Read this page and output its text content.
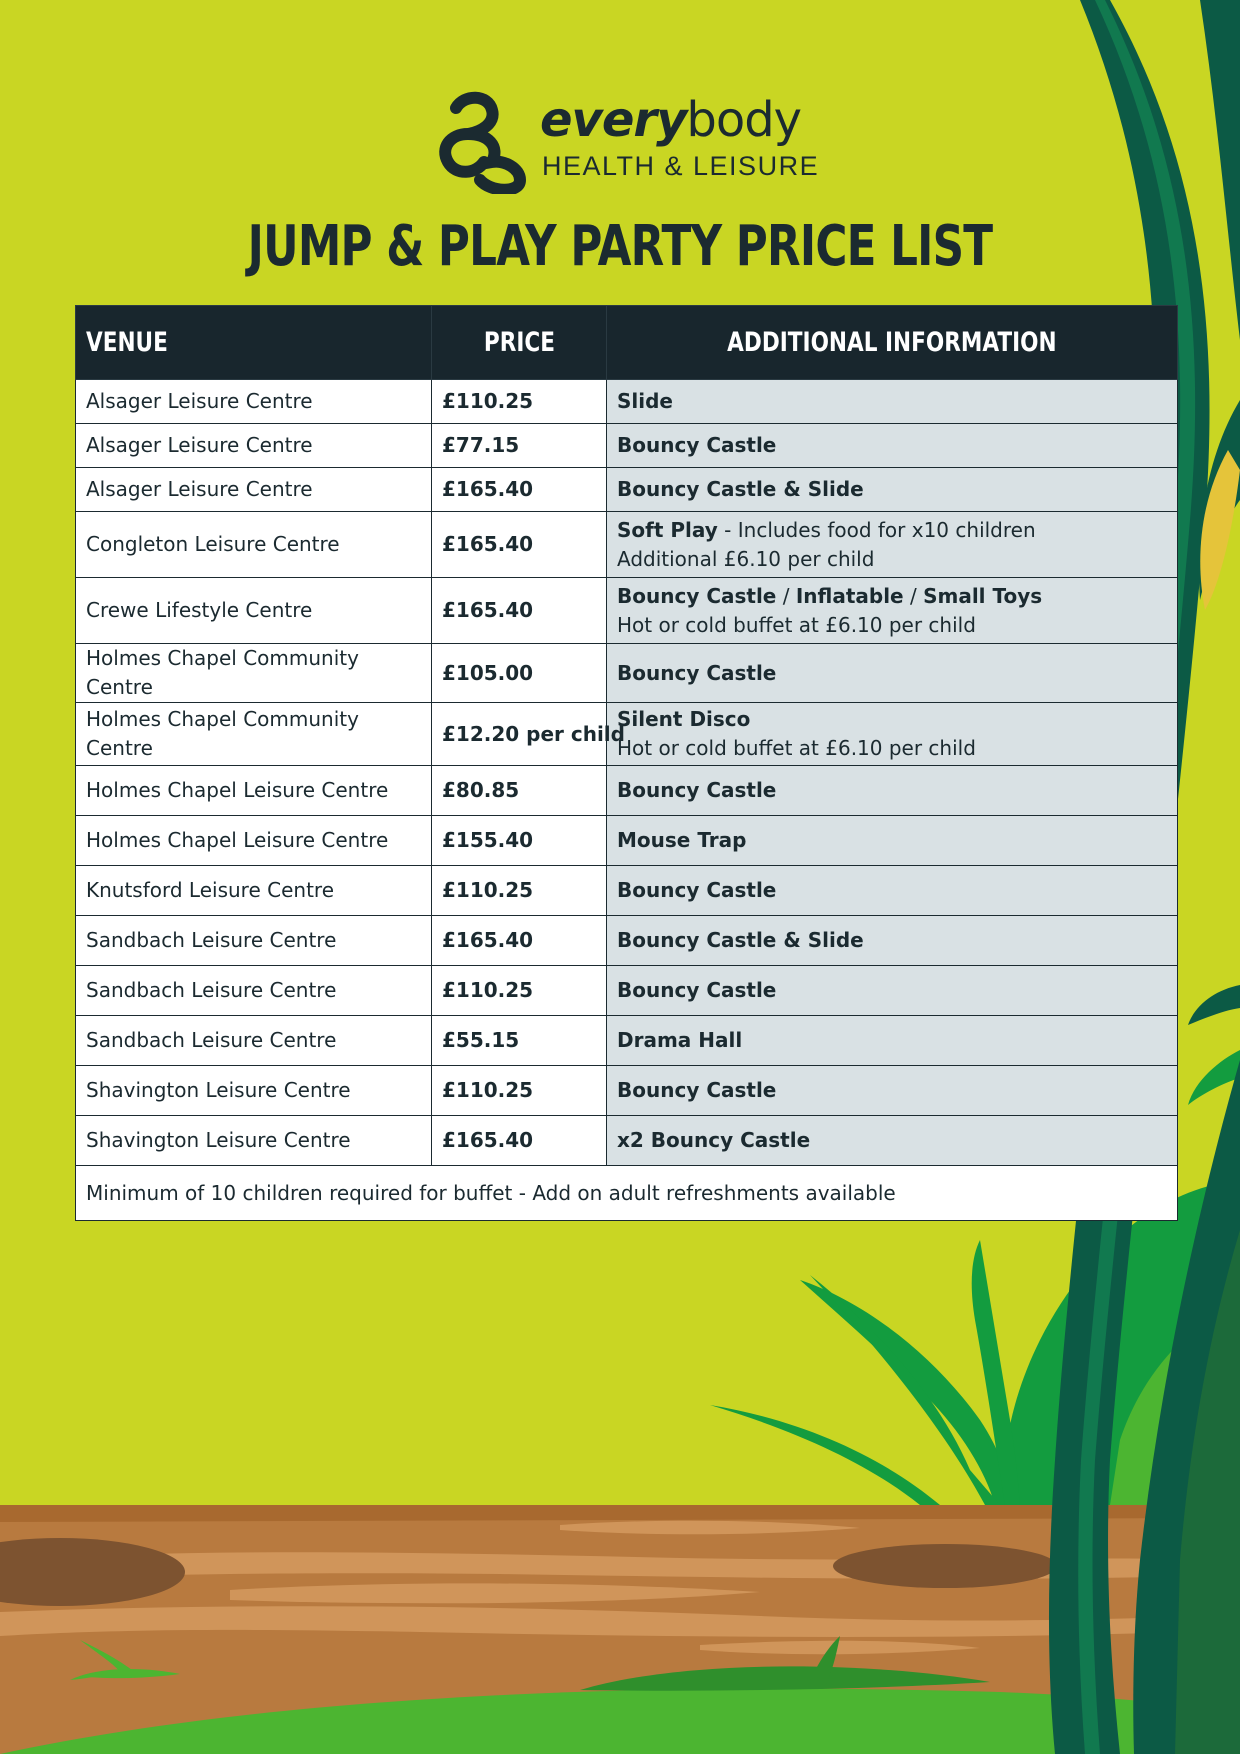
everybody
HEALTH & LEISURE
JUMP & PLAY PARTY PRICE LIST
VENUE	PRICE	ADDITIONAL INFORMATION
Alsager Leisure Centre	£110.25	Slide

Alsager Leisure Centre	£77.15	Bouncy Castle

Alsager Leisure Centre	£165.40	Bouncy Castle & Slide

Congleton Leisure Centre	£165.40	Soft Play - Includes food for x10 children
Additional £6.10 per child

Crewe Lifestyle Centre	£165.40	Bouncy Castle / Inflatable / Small Toys
Hot or cold buffet at £6.10 per child

Holmes Chapel Community Centre	£105.00	Bouncy Castle

Holmes Chapel Community Centre	£12.20 per child	Silent Disco
Hot or cold buffet at £6.10 per child

Holmes Chapel Leisure Centre	£80.85	Bouncy Castle

Holmes Chapel Leisure Centre	£155.40	Mouse Trap

Knutsford Leisure Centre	£110.25	Bouncy Castle

Sandbach Leisure Centre	£165.40	Bouncy Castle & Slide

Sandbach Leisure Centre	£110.25	Bouncy Castle

Sandbach Leisure Centre	£55.15	Drama Hall

Shavington Leisure Centre	£110.25	Bouncy Castle

Shavington Leisure Centre	£165.40	x2 Bouncy Castle

Minimum of 10 children required for buffet - Add on adult refreshments available		
